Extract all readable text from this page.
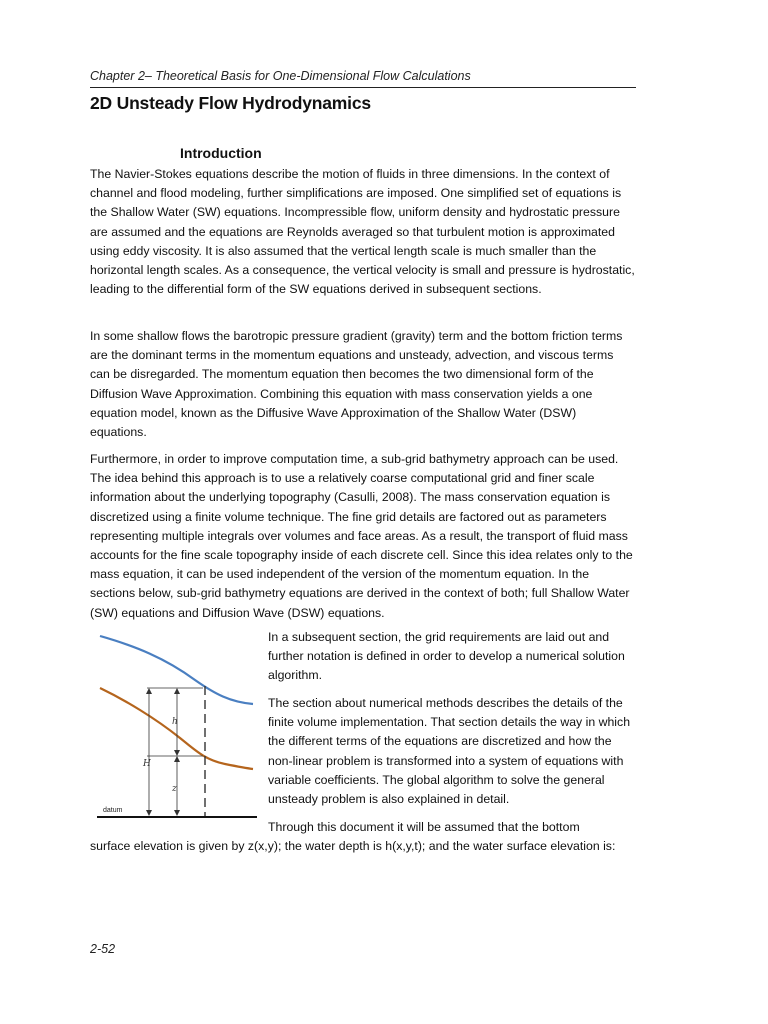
Chapter 2– Theoretical Basis for One-Dimensional Flow Calculations
2D Unsteady Flow Hydrodynamics
Introduction

The Navier-Stokes equations describe the motion of fluids in three dimensions. In the context of channel and flood modeling, further simplifications are imposed. One simplified set of equations is the Shallow Water (SW) equations. Incompressible flow, uniform density and hydrostatic pressure are assumed and the equations are Reynolds averaged so that turbulent motion is approximated using eddy viscosity. It is also assumed that the vertical length scale is much smaller than the horizontal length scales. As a consequence, the vertical velocity is small and pressure is hydrostatic, leading to the differential form of the SW equations derived in subsequent sections.

In some shallow flows the barotropic pressure gradient (gravity) term and the bottom friction terms are the dominant terms in the momentum equations and unsteady, advection, and viscous terms can be disregarded. The momentum equation then becomes the two dimensional form of the Diffusion Wave Approximation. Combining this equation with mass conservation yields a one equation model, known as the Diffusive Wave Approximation of the Shallow Water (DSW) equations.

Furthermore, in order to improve computation time, a sub-grid bathymetry approach can be used. The idea behind this approach is to use a relatively coarse computational grid and finer scale information about the underlying topography (Casulli, 2008). The mass conservation equation is discretized using a finite volume technique. The fine grid details are factored out as parameters representing multiple integrals over volumes and face areas. As a result, the transport of fluid mass accounts for the fine scale topography inside of each discrete cell. Since this idea relates only to the mass equation, it can be used independent of the version of the momentum equation. In the sections below, sub-grid bathymetry equations are derived in the context of both; full Shallow Water (SW) equations and Diffusion Wave (DSW) equations.

h
H
z
datum

In a subsequent section, the grid requirements are laid out and further notation is defined in order to develop a numerical solution algorithm.

The section about numerical methods describes the details of the finite volume implementation. That section details the way in which the different terms of the equations are discretized and how the non-linear problem is transformed into a system of equations with variable coefficients. The global algorithm to solve the general unsteady problem is also explained in detail.

Through this document it will be assumed that the bottom

surface elevation is given by z(x,y); the water depth is h(x,y,t); and the water surface elevation is:

2-52
